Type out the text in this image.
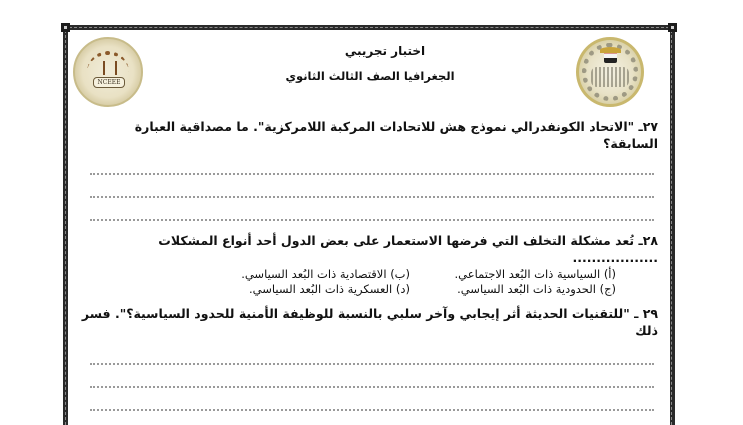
NCEEE
اختبار تجريبي
الجغرافيا الصف الثالث الثانوي
٢٧ـ "الاتحاد الكونفدرالي نموذج هش للاتحادات المركبة اللامركزية". ما مصداقية العبارة السابقة؟
٢٨ـ تُعد مشكلة التخلف التي فرضها الاستعمار على بعض الدول أحد أنواع المشكلات ..................
(أ) السياسية ذات البُعد الاجتماعي.
(ب) الاقتصادية ذات البُعد السياسي.
(ج) الحدودية ذات البُعد السياسي.
(د) العسكرية ذات البُعد السياسي.
٢٩ ـ "للتقنيات الحديثة أثر إيجابي وآخر سلبي بالنسبة للوظيفة الأمنية للحدود السياسية؟". فسر ذلك
